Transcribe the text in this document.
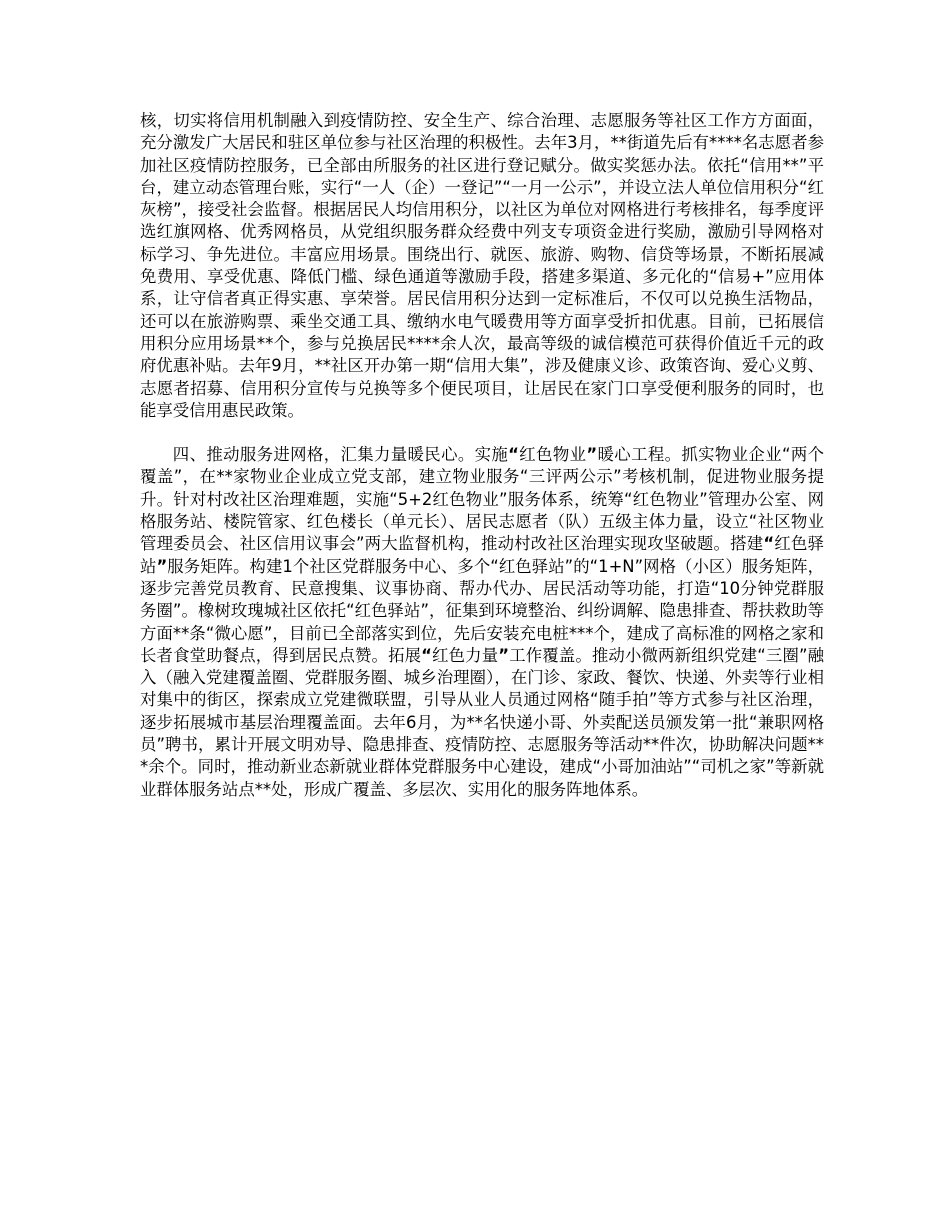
核，切实将信用机制融入到疫情防控、安全生产、综合治理、志愿服务等社区工作方方面面，充分激发广大居民和驻区单位参与社区治理的积极性。去年3月，**街道先后有****名志愿者参加社区疫情防控服务，已全部由所服务的社区进行登记赋分。做实奖惩办法。依托“信用**”平台，建立动态管理台账，实行“一人（企）一登记”“一月一公示”，并设立法人单位信用积分“红灰榜”，接受社会监督。根据居民人均信用积分，以社区为单位对网格进行考核排名，每季度评选红旗网格、优秀网格员，从党组织服务群众经费中列支专项资金进行奖励，激励引导网格对标学习、争先进位。丰富应用场景。围绕出行、就医、旅游、购物、信贷等场景，不断拓展减免费用、享受优惠、降低门槛、绿色通道等激励手段，搭建多渠道、多元化的“信易+”应用体系，让守信者真正得实惠、享荣誉。居民信用积分达到一定标准后，不仅可以兑换生活物品，还可以在旅游购票、乘坐交通工具、缴纳水电气暖费用等方面享受折扣优惠。目前，已拓展信用积分应用场景**个，参与兑换居民****余人次，最高等级的诚信模范可获得价值近千元的政府优惠补贴。去年9月，**社区开办第一期“信用大集”，涉及健康义诊、政策咨询、爱心义剪、志愿者招募、信用积分宣传与兑换等多个便民项目，让居民在家门口享受便利服务的同时，也能享受信用惠民政策。

四、推动服务进网格，汇集力量暖民心。实施“红色物业”暖心工程。抓实物业企业“两个覆盖”，在**家物业企业成立党支部，建立物业服务“三评两公示”考核机制，促进物业服务提升。针对村改社区治理难题，实施“5+2红色物业”服务体系，统筹“红色物业”管理办公室、网格服务站、楼院管家、红色楼长（单元长）、居民志愿者（队）五级主体力量，设立“社区物业管理委员会、社区信用议事会”两大监督机构，推动村改社区治理实现攻坚破题。搭建“红色驿站”服务矩阵。构建1个社区党群服务中心、多个“红色驿站”的“1+N”网格（小区）服务矩阵，逐步完善党员教育、民意搜集、议事协商、帮办代办、居民活动等功能，打造“10分钟党群服务圈”。橡树玫瑰城社区依托“红色驿站”，征集到环境整治、纠纷调解、隐患排查、帮扶救助等方面**条“微心愿”，目前已全部落实到位，先后安装充电桩***个，建成了高标准的网格之家和长者食堂助餐点，得到居民点赞。拓展“红色力量”工作覆盖。推动小微两新组织党建“三圈”融入（融入党建覆盖圈、党群服务圈、城乡治理圈），在门诊、家政、餐饮、快递、外卖等行业相对集中的街区，探索成立党建微联盟，引导从业人员通过网格“随手拍”等方式参与社区治理，逐步拓展城市基层治理覆盖面。去年6月，为**名快递小哥、外卖配送员颁发第一批“兼职网格员”聘书，累计开展文明劝导、隐患排查、疫情防控、志愿服务等活动**件次，协助解决问题***余个。同时，推动新业态新就业群体党群服务中心建设，建成“小哥加油站”“司机之家”等新就业群体服务站点**处，形成广覆盖、多层次、实用化的服务阵地体系。
